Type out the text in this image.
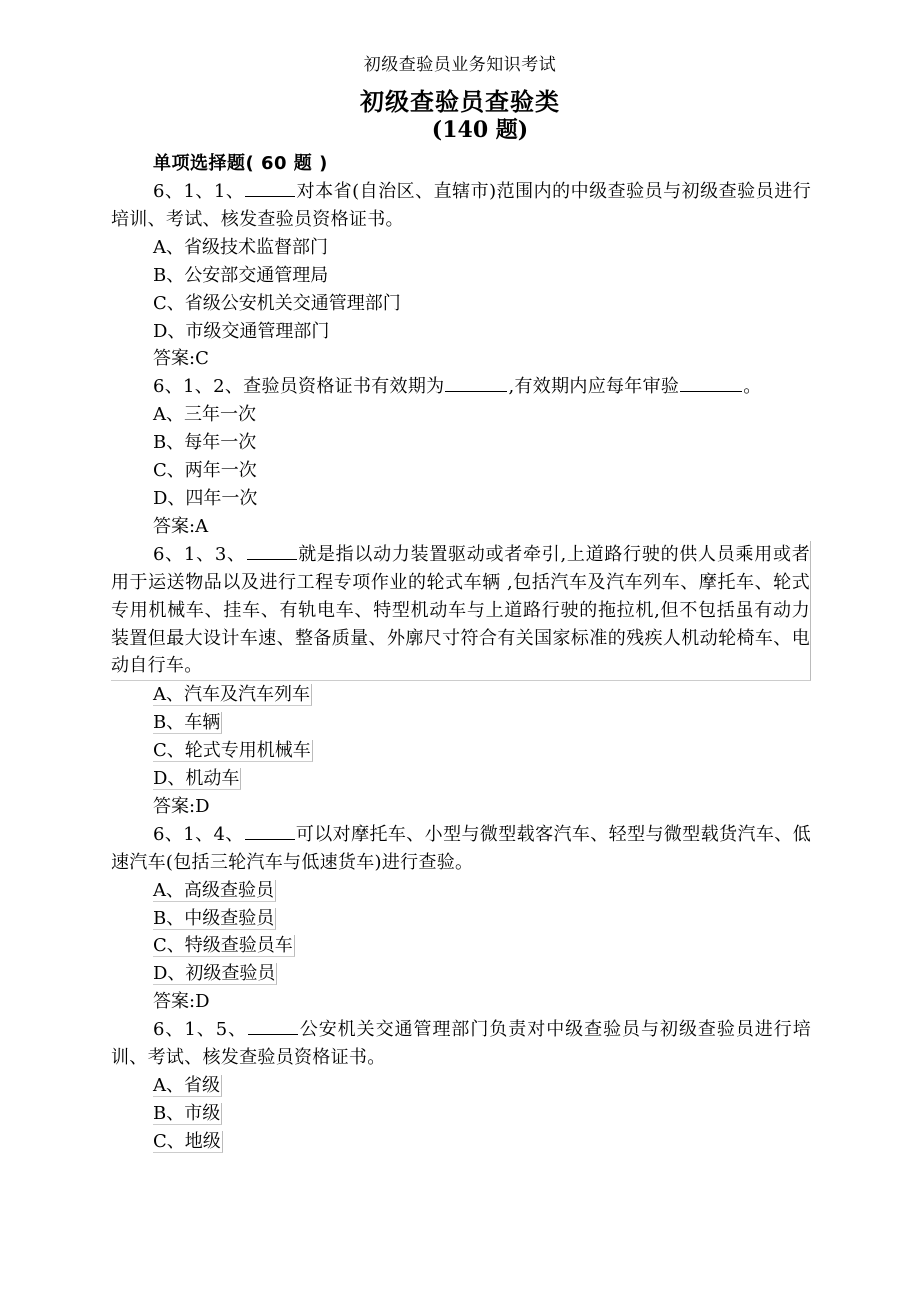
初级查验员业务知识考试
初级查验员查验类
(140 题)
单项选择题( 60 题 )
6、1、1、	对本省(自治区、直辖市)范围内的中级查验员与初级查验员进行培训、考试、核发查验员资格证书。
A、省级技术监督部门
B、公安部交通管理局
C、省级公安机关交通管理部门
D、市级交通管理部门
答案:C
6、1、2、查验员资格证书有效期为	,有效期内应每年审验	。
A、三年一次
B、每年一次
C、两年一次
D、四年一次
答案:A
6、1、3、	就是指以动力装置驱动或者牵引,上道路行驶的供人员乘用或者用于运送物品以及进行工程专项作业的轮式车辆 ,包括汽车及汽车列车、摩托车、轮式专用机械车、挂车、有轨电车、特型机动车与上道路行驶的拖拉机,但不包括虽有动力装置但最大设计车速、整备质量、外廓尺寸符合有关国家标准的残疾人机动轮椅车、电动自行车。
A、汽车及汽车列车
B、车辆
C、轮式专用机械车
D、机动车
答案:D
6、1、4、	可以对摩托车、小型与微型载客汽车、轻型与微型载货汽车、低速汽车(包括三轮汽车与低速货车)进行查验。
A、高级查验员
B、中级查验员
C、特级查验员车
D、初级查验员
答案:D
6、1、5、	公安机关交通管理部门负责对中级查验员与初级查验员进行培训、考试、核发查验员资格证书。
A、省级
B、市级
C、地级
